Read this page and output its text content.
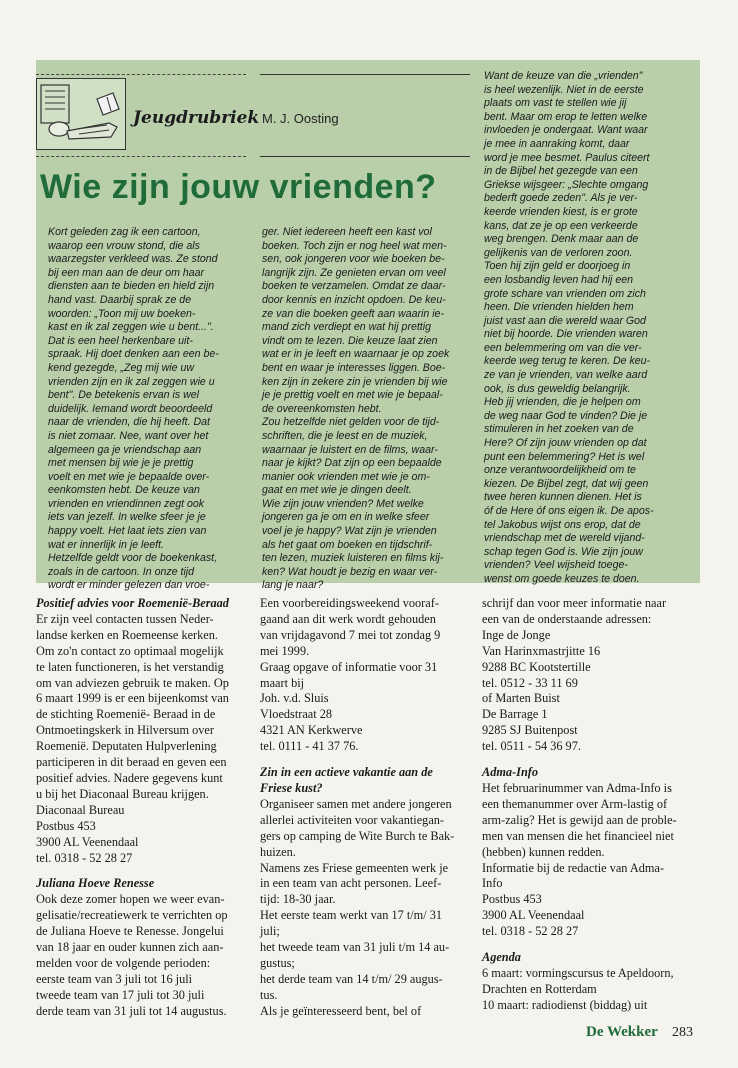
Jeugdrubriek M. J. Oosting
Wie zijn jouw vrienden?
Kort geleden zag ik een cartoon,
waarop een vrouw stond, die als
waarzegster verkleed was. Ze stond
bij een man aan de deur om haar
diensten aan te bieden en hield zijn
hand vast. Daarbij sprak ze de
woorden: „Toon mij uw boeken-
kast en ik zal zeggen wie u bent...".
Dat is een heel herkenbare uit-
spraak. Hij doet denken aan een be-
kend gezegde, „Zeg mij wie uw
vrienden zijn en ik zal zeggen wie u
bent". De betekenis ervan is wel
duidelijk. Iemand wordt beoordeeld
naar de vrienden, die hij heeft. Dat
is niet zomaar. Nee, want over het
algemeen ga je vriendschap aan
met mensen bij wie je je prettig
voelt en met wie je bepaalde over-
eenkomsten hebt. De keuze van
vrienden en vriendinnen zegt ook
iets van jezelf. In welke sfeer je je
happy voelt. Het laat iets zien van
wat er innerlijk in je leeft.
Hetzelfde geldt voor de boekenkast,
zoals in de cartoon. In onze tijd
wordt er minder gelezen dan vroe-
ger. Niet iedereen heeft een kast vol
boeken. Toch zijn er nog heel wat men-
sen, ook jongeren voor wie boeken be-
langrijk zijn. Ze genieten ervan om veel
boeken te verzamelen. Omdat ze daar-
door kennis en inzicht opdoen. De keu-
ze van die boeken geeft aan waarin ie-
mand zich verdiept en wat hij prettig
vindt om te lezen. Die keuze laat zien
wat er in je leeft en waarnaar je op zoek
bent en waar je interesses liggen. Boe-
ken zijn in zekere zin je vrienden bij wie
je je prettig voelt en met wie je bepaal-
de overeenkomsten hebt.
Zou hetzelfde niet gelden voor de tijd-
schriften, die je leest en de muziek,
waarnaar je luistert en de films, waar-
naar je kijkt? Dat zijn op een bepaalde
manier ook vrienden met wie je om-
gaat en met wie je dingen deelt.
Wie zijn jouw vrienden? Met welke
jongeren ga je om en in welke sfeer
voel je je happy? Wat zijn je vrienden
als het gaat om boeken en tijdschrif-
ten lezen, muziek luisteren en films kij-
ken? Wat houdt je bezig en waar ver-
lang je naar?
Want de keuze van die „vrienden"
is heel wezenlijk. Niet in de eerste
plaats om vast te stellen wie jij
bent. Maar om erop te letten welke
invloeden je ondergaat. Want waar
je mee in aanraking komt, daar
word je mee besmet. Paulus citeert
in de Bijbel het gezegde van een
Griekse wijsgeer: „Slechte omgang
bederft goede zeden". Als je ver-
keerde vrienden kiest, is er grote
kans, dat ze je op een verkeerde
weg brengen. Denk maar aan de
gelijkenis van de verloren zoon.
Toen hij zijn geld er doorjoeg in
een losbandig leven had hij een
grote schare van vrienden om zich
heen. Die vrienden hielden hem
juist vast aan die wereld waar God
niet bij hoorde. Die vrienden waren
een belemmering om van die ver-
keerde weg terug te keren. De keu-
ze van je vrienden, van welke aard
ook, is dus geweldig belangrijk.
Heb jij vrienden, die je helpen om
de weg naar God te vinden? Die je
stimuleren in het zoeken van de
Here? Of zijn jouw vrienden op dat
punt een belemmering? Het is wel
onze verantwoordelijkheid om te
kiezen. De Bijbel zegt, dat wij geen
twee heren kunnen dienen. Het is
óf de Here óf ons eigen ik. De apos-
tel Jakobus wijst ons erop, dat de
vriendschap met de wereld vijand-
schap tegen God is. Wie zijn jouw
vrienden? Veel wijsheid toege-
wenst om goede keuzes te doen.
Positief advies voor Roemenië-Beraad
Er zijn veel contacten tussen Neder-
landse kerken en Roemeense kerken.
Om zo'n contact zo optimaal mogelijk
te laten functioneren, is het verstandig
om van adviezen gebruik te maken. Op
6 maart 1999 is er een bijeenkomst van
de stichting Roemenië- Beraad in de
Ontmoetingskerk in Hilversum over
Roemenië. Deputaten Hulpverlening
participeren in dit beraad en geven een
positief advies. Nadere gegevens kunt
u bij het Diaconaal Bureau krijgen.
Diaconaal Bureau
Postbus 453
3900 AL Veenendaal
tel. 0318 - 52 28 27
Juliana Hoeve Renesse
Ook deze zomer hopen we weer evan-
gelisatie/recreatiewerk te verrichten op
de Juliana Hoeve te Renesse. Jongelui
van 18 jaar en ouder kunnen zich aan-
melden voor de volgende perioden:
eerste team van 3 juli tot 16 juli
tweede team van 17 juli tot 30 juli
derde team van 31 juli tot 14 augustus.
Een voorbereidingsweekend vooraf-
gaand aan dit werk wordt gehouden
van vrijdagavond 7 mei tot zondag 9
mei 1999.
Graag opgave of informatie voor 31
maart bij
Joh. v.d. Sluis
Vloedstraat 28
4321 AN Kerkwerve
tel. 0111 - 41 37 76.
Zin in een actieve vakantie aan de
Friese kust?
Organiseer samen met andere jongeren
allerlei activiteiten voor vakantiegan-
gers op camping de Wite Burch te Bak-
huizen.
Namens zes Friese gemeenten werk je
in een team van acht personen. Leef-
tijd: 18-30 jaar.
Het eerste team werkt van 17 t/m/ 31
juli;
het tweede team van 31 juli t/m 14 au-
gustus;
het derde team van 14 t/m/ 29 augus-
tus.
Als je geïnteresseerd bent, bel of
schrijf dan voor meer informatie naar
een van de onderstaande adressen:
Inge de Jonge
Van Harinxmastrjitte 16
9288 BC Kootstertille
tel. 0512 - 33 11 69
of Marten Buist
De Barrage 1
9285 SJ Buitenpost
tel. 0511 - 54 36 97.
Adma-Info
Het februarinummer van Adma-Info is
een themanummer over Arm-lastig of
arm-zalig? Het is gewijd aan de proble-
men van mensen die het financieel niet
(hebben) kunnen redden.
Informatie bij de redactie van Adma-
Info
Postbus 453
3900 AL Veenendaal
tel. 0318 - 52 28 27
Agenda
6 maart: vormingscursus te Apeldoorn,
Drachten en Rotterdam
10 maart: radiodienst (biddag) uit
De Wekker 283
